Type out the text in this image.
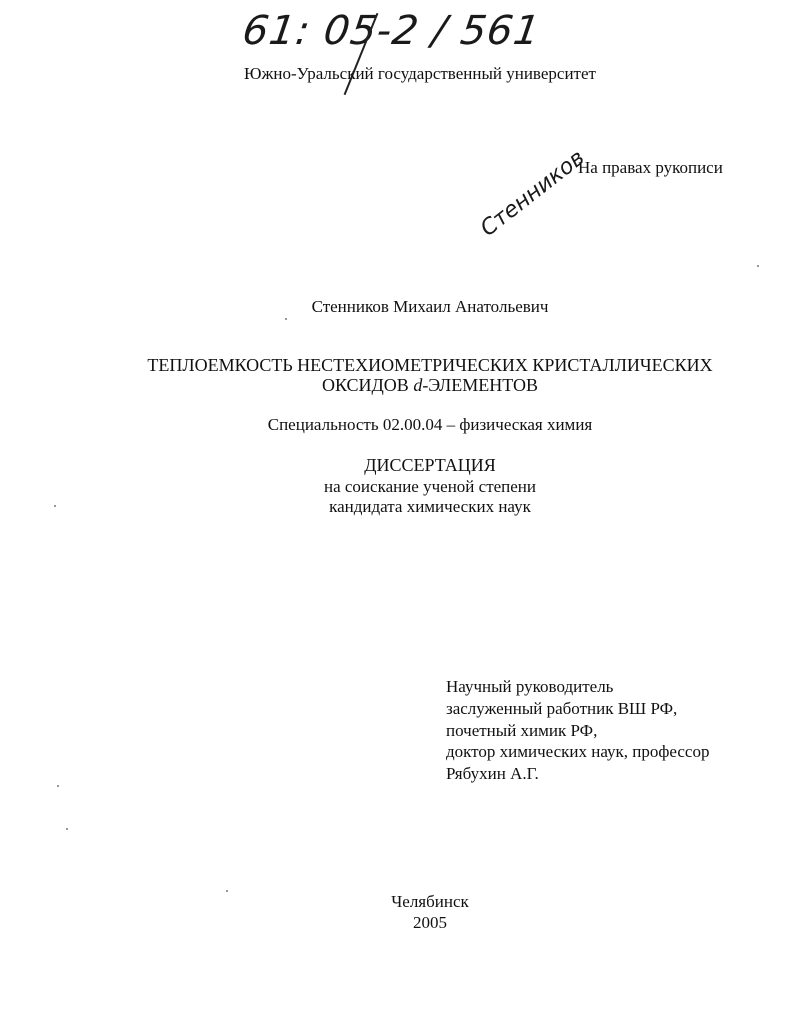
61: 05-2 / 561
Южно-Уральский государственный университет
На правах рукописи
Стенников
Стенников Михаил Анатольевич
ТЕПЛОЕМКОСТЬ НЕСТЕХИОМЕТРИЧЕСКИХ КРИСТАЛЛИЧЕСКИХ
ОКСИДОВ d-ЭЛЕМЕНТОВ
Специальность 02.00.04 – физическая химия
ДИССЕРТАЦИЯ
на соискание ученой степени
кандидата химических наук
Научный руководитель
заслуженный работник ВШ РФ,
почетный химик РФ,
доктор химических наук, профессор
Рябухин А.Г.
Челябинск
2005
